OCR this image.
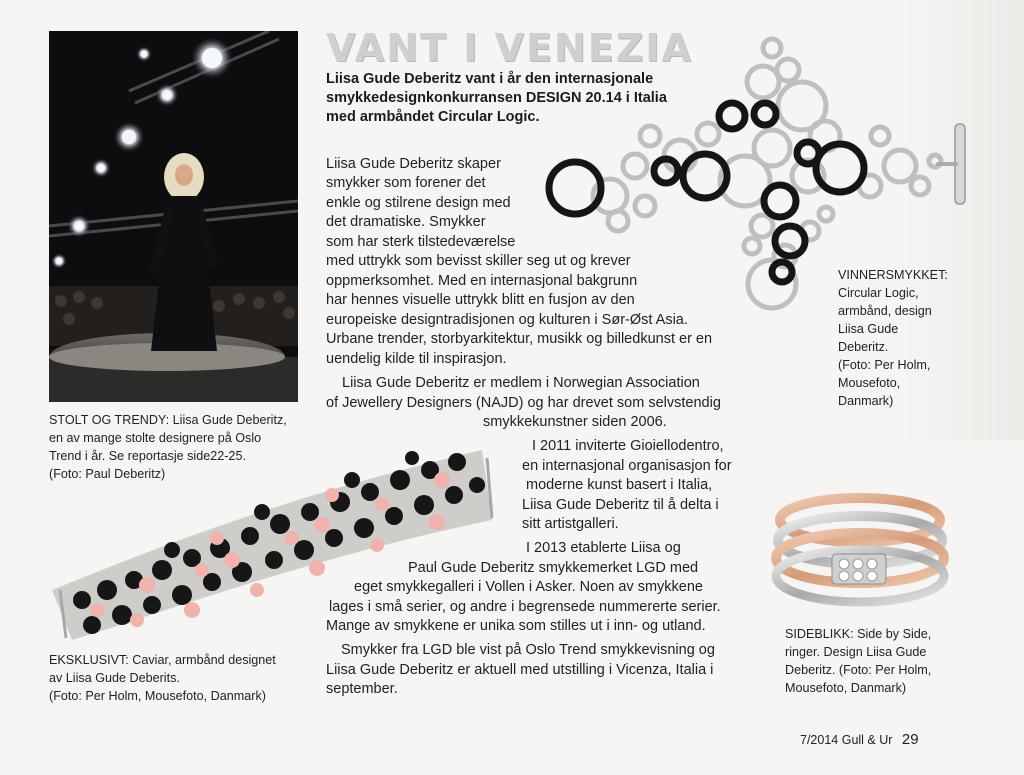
VANT I VENEZIA
Liisa Gude Deberitz vant i år den internasjonale smykkedesignkonkurransen DESIGN 20.14 i Italia med armbåndet Circular Logic.
Liisa Gude Deberitz skaper
smykker som forener det
enkle og stilrene design med
det dramatiske. Smykker
som har sterk tilstedeværelse
med uttrykk som bevisst skiller seg ut og krever
oppmerksomhet. Med en internasjonal bakgrunn
har hennes visuelle uttrykk blitt en fusjon av den
europeiske designtradisjonen og kulturen i Sør-Øst Asia.
Urbane trender, storbyarkitektur, musikk og billedkunst er en
uendelig kilde til inspirasjon.
Liisa Gude Deberitz er medlem i Norwegian Association
of Jewellery Designers (NAJD) og har drevet som selvstendig
smykkekunstner siden 2006.
I 2011 inviterte Gioiellodentro,
en internasjonal organisasjon for
moderne kunst basert i Italia,
Liisa Gude Deberitz til å delta i
sitt artistgalleri.
I 2013 etablerte Liisa og
Paul Gude Deberitz smykkemerket LGD med
eget smykkegalleri i Vollen i Asker. Noen av smykkene
lages i små serier, og andre i begrensede nummererte serier.
Mange av smykkene er unika som stilles ut i inn- og utland.
Smykker fra LGD ble vist på Oslo Trend smykkevisning og
Liisa Gude Deberitz er aktuell med utstilling i Vicenza, Italia i
september.
STOLT OG TRENDY: Liisa Gude Deberitz,
en av mange stolte designere på Oslo
Trend i år. Se reportasje side22-25.
(Foto: Paul Deberitz)
VINNERSMYKKET:
Circular Logic,
armbånd, design
Liisa Gude
Deberitz.
(Foto: Per Holm,
Mousefoto,
Danmark)
EKSKLUSIVT: Caviar, armbånd designet
av Liisa Gude Deberits.
(Foto: Per Holm, Mousefoto, Danmark)
SIDEBLIKK: Side by Side,
ringer. Design Liisa Gude
Deberitz. (Foto: Per Holm,
Mousefoto, Danmark)
7/2014 Gull & Ur 29
